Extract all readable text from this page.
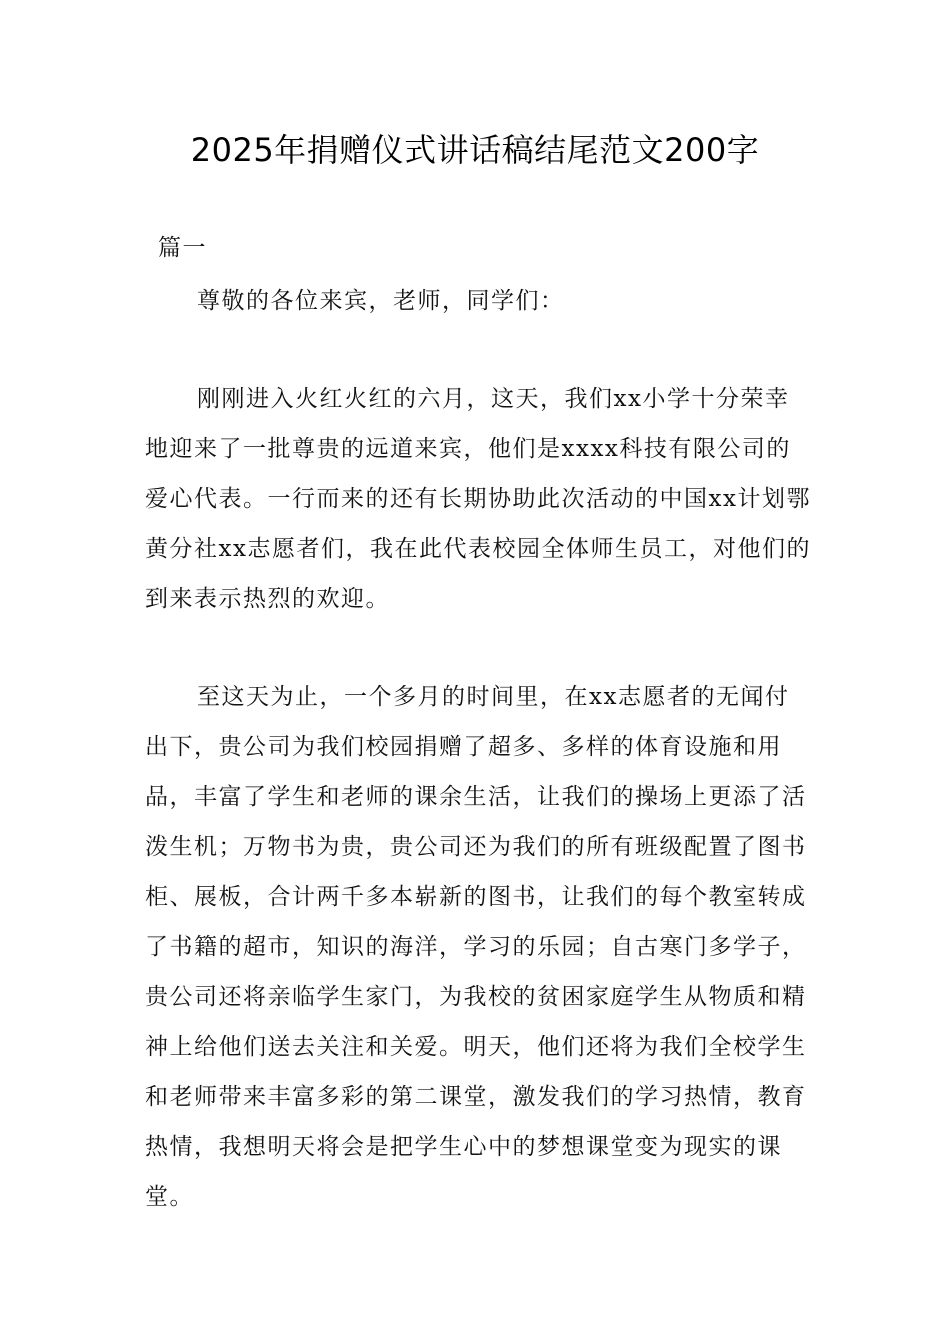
2025年捐赠仪式讲话稿结尾范文200字
篇一
尊敬的各位来宾，老师，同学们：
刚刚进入火红火红的六月，这天，我们xx小学十分荣幸地迎来了一批尊贵的远道来宾，他们是xxxx科技有限公司的爱心代表。一行而来的还有长期协助此次活动的中国xx计划鄂黄分社xx志愿者们，我在此代表校园全体师生员工，对他们的到来表示热烈的欢迎。
至这天为止，一个多月的时间里，在xx志愿者的无闻付出下，贵公司为我们校园捐赠了超多、多样的体育设施和用品，丰富了学生和老师的课余生活，让我们的操场上更添了活泼生机；万物书为贵，贵公司还为我们的所有班级配置了图书柜、展板，合计两千多本崭新的图书，让我们的每个教室转成了书籍的超市，知识的海洋，学习的乐园；自古寒门多学子，贵公司还将亲临学生家门，为我校的贫困家庭学生从物质和精神上给他们送去关注和关爱。明天，他们还将为我们全校学生和老师带来丰富多彩的第二课堂，激发我们的学习热情，教育热情，我想明天将会是把学生心中的梦想课堂变为现实的课堂。
